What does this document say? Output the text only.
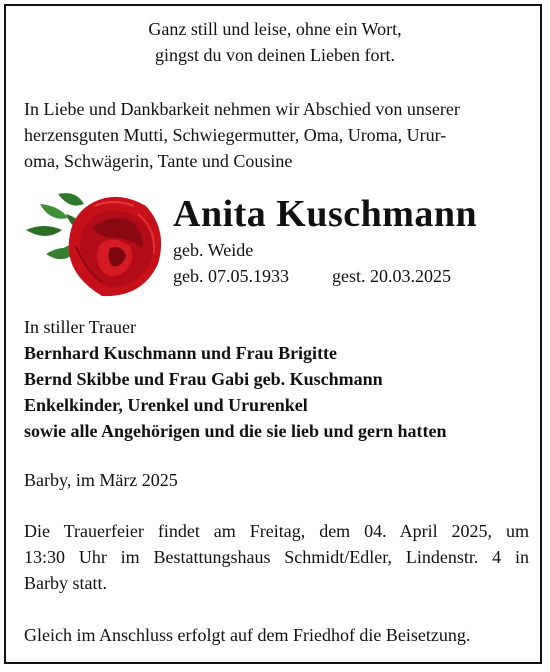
Ganz still und leise, ohne ein Wort,
gingst du von deinen Lieben fort.
In Liebe und Dankbarkeit nehmen wir Abschied von unserer
herzensguten Mutti, Schwiegermutter, Oma, Uroma, Urur-
oma, Schwägerin, Tante und Cousine
Anita Kuschmann
geb. Weide
geb. 07.05.1933 gest. 20.03.2025
In stiller Trauer
Bernhard Kuschmann und Frau Brigitte
Bernd Skibbe und Frau Gabi geb. Kuschmann
Enkelkinder, Urenkel und Ururenkel
sowie alle Angehörigen und die sie lieb und gern hatten
Barby, im März 2025
Die Trauerfeier findet am Freitag, dem 04. April 2025, um
13:30 Uhr im Bestattungshaus Schmidt/Edler, Lindenstr. 4 in
Barby statt.
Gleich im Anschluss erfolgt auf dem Friedhof die Beisetzung.
